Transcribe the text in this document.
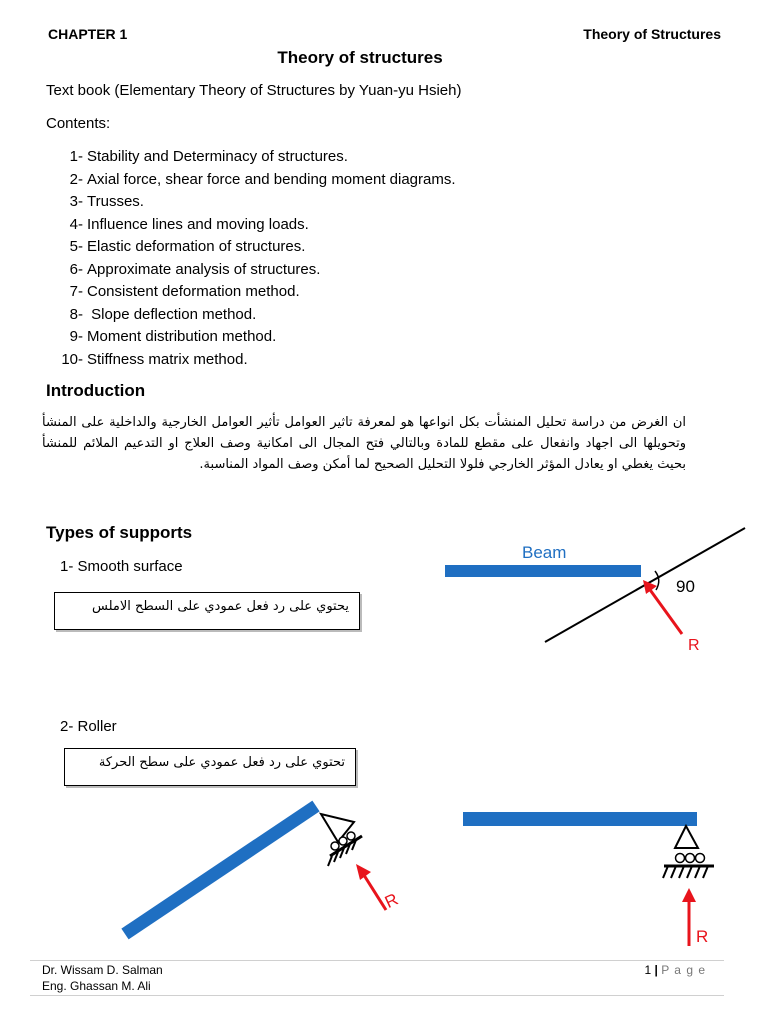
CHAPTER 1	Theory of Structures
Theory of structures
Text book (Elementary Theory of Structures by Yuan-yu Hsieh)
Contents:
1- Stability and Determinacy of structures.
2- Axial force, shear force and bending moment diagrams.
3- Trusses.
4- Influence lines and moving loads.
5- Elastic deformation of structures.
6- Approximate analysis of structures.
7- Consistent deformation method.
8- Slope deflection method.
9- Moment distribution method.
10- Stiffness matrix method.
Introduction
ان الغرض من دراسة تحليل المنشأت بكل انواعها هو لمعرفة تاثير العوامل تأثير العوامل الخارجية والداخلية على المنشأ وتحويلها الى اجهاد وانفعال على مقطع للمادة وبالتالي فتح المجال الى امكانية وصف العلاج او التدعيم الملائم للمنشأ بحيث يغطي او يعادل المؤثر الخارجي فلولا التحليل الصحيح لما أمكن وصف المواد المناسبة.
Types of supports
1- Smooth surface
يحتوي على رد فعل عمودي على السطح الاملس
2- Roller
تحتوي على رد فعل عمودي على سطح الحركة
Beam
90
R
R
R
Dr. Wissam D. Salman
Eng. Ghassan M. Ali
1 | P a g e
